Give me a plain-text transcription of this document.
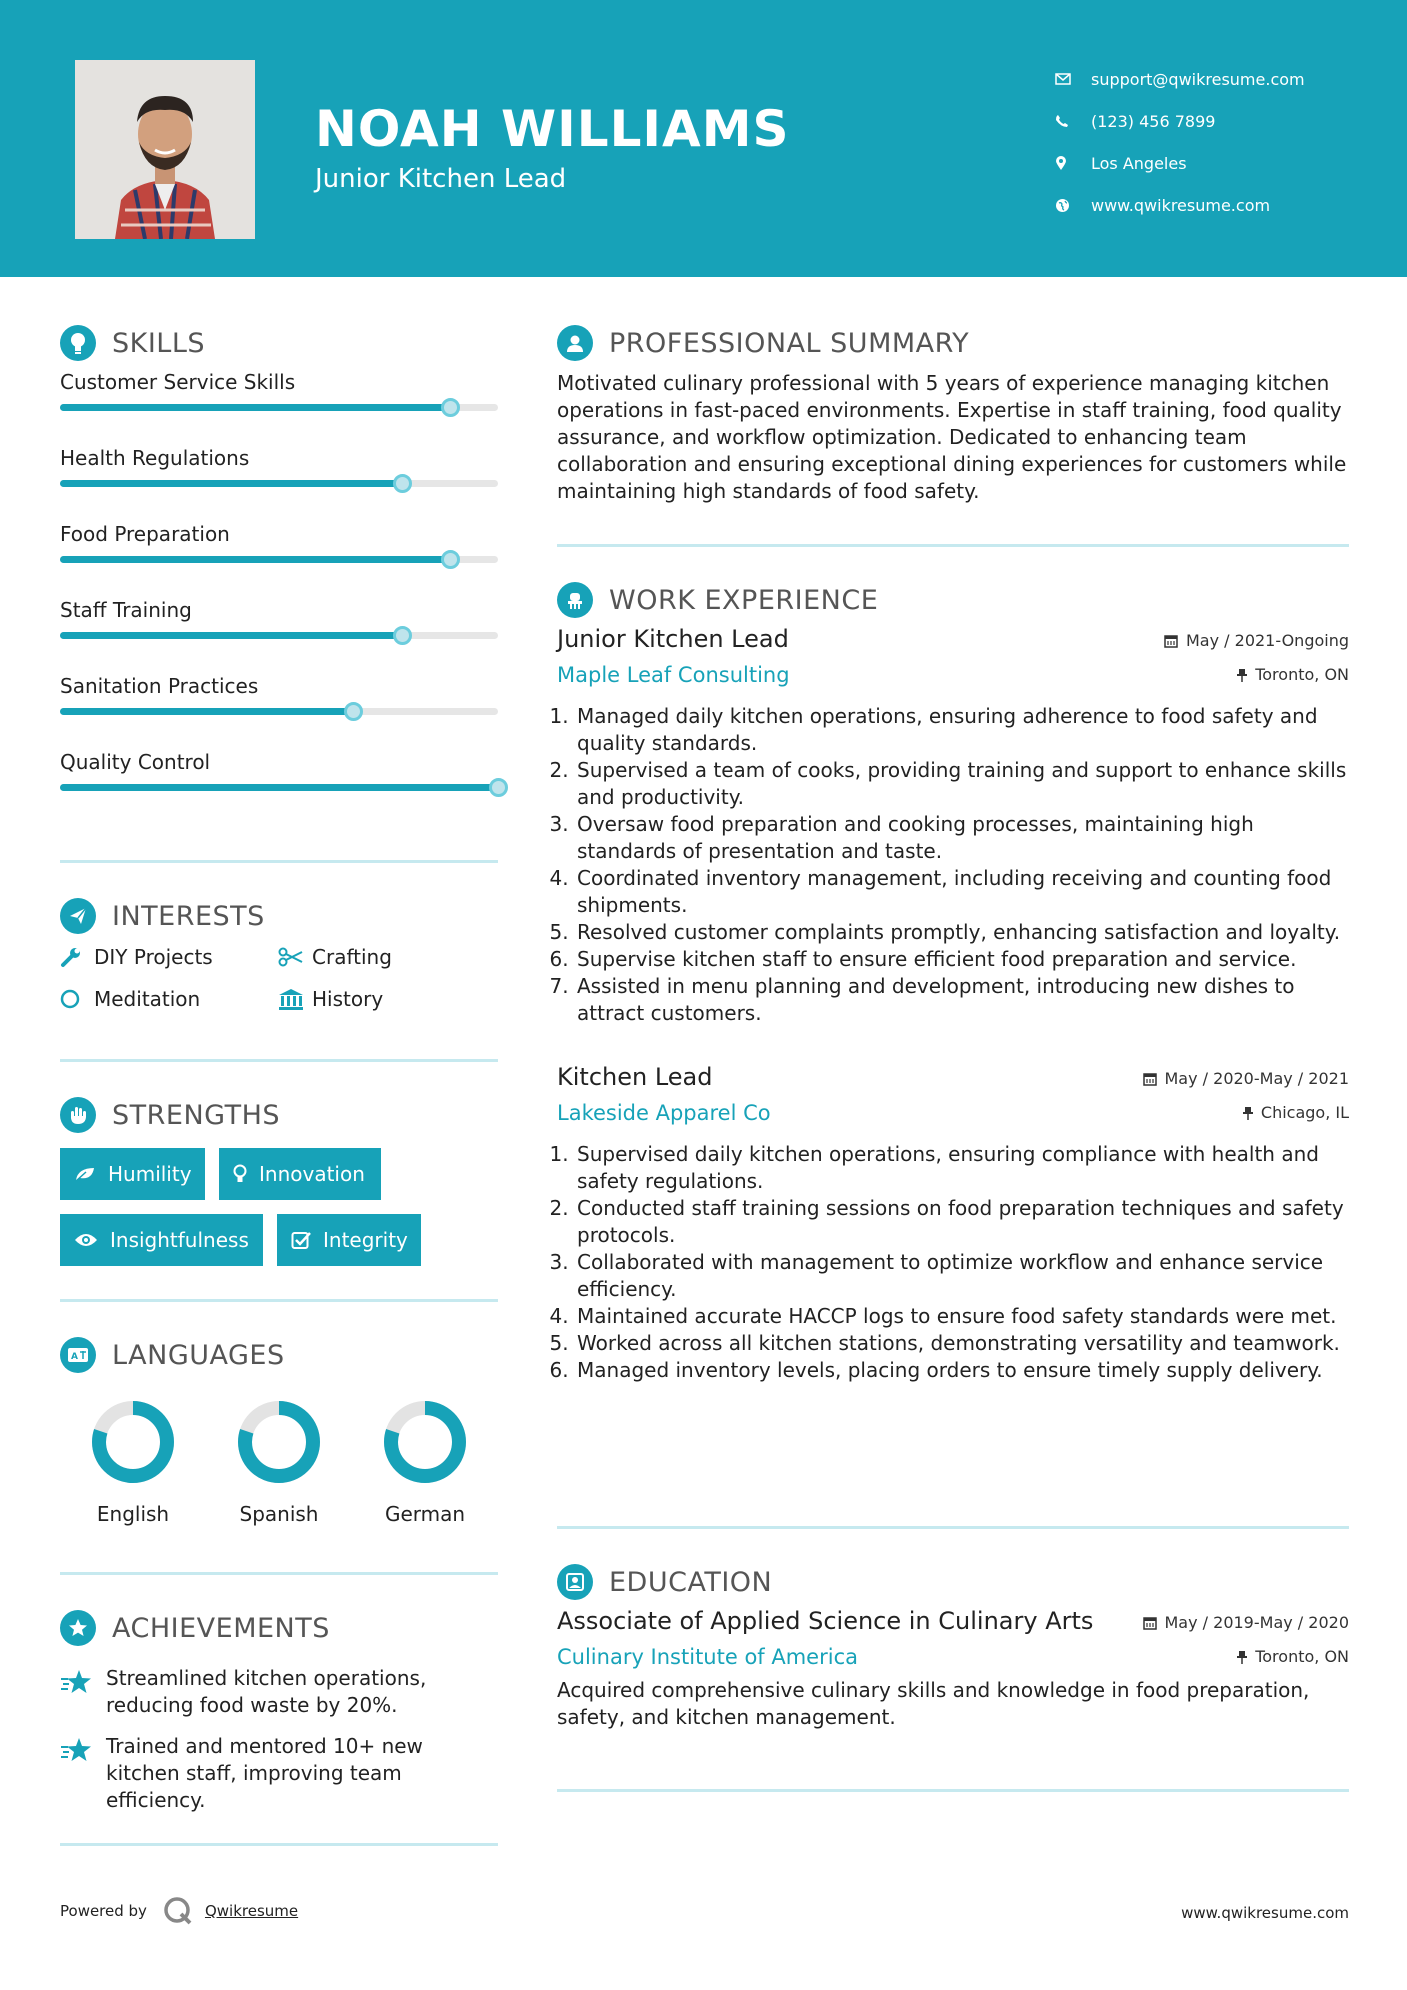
NOAH WILLIAMS
Junior Kitchen Lead
support@qwikresume.com
(123) 456 7899
Los Angeles
www.qwikresume.com
SKILLS
Customer Service Skills
Health Regulations
Food Preparation
Staff Training
Sanitation Practices
Quality Control
INTERESTS
DIY Projects	Crafting
Meditation	History
STRENGTHS
Humility	Innovation
Insightfulness	Integrity
A LANGUAGES
English	Spanish	German
ACHIEVEMENTS
Streamlined kitchen operations, reducing food waste by 20%.
Trained and mentored 10+ new kitchen staff, improving team efficiency.
PROFESSIONAL SUMMARY

Motivated culinary professional with 5 years of experience managing kitchen operations in fast-paced environments. Expertise in staff training, food quality assurance, and workflow optimization. Dedicated to enhancing team collaboration and ensuring exceptional dining experiences for customers while maintaining high standards of food safety.

WORK EXPERIENCE
Junior Kitchen Lead	May / 2021-Ongoing
Maple Leaf Consulting	Toronto, ON
1. Managed daily kitchen operations, ensuring adherence to food safety and quality standards.
2. Supervised a team of cooks, providing training and support to enhance skills and productivity.
3. Oversaw food preparation and cooking processes, maintaining high standards of presentation and taste.
4. Coordinated inventory management, including receiving and counting food shipments.
5. Resolved customer complaints promptly, enhancing satisfaction and loyalty.
6. Supervise kitchen staff to ensure efficient food preparation and service.
7. Assisted in menu planning and development, introducing new dishes to attract customers.
Kitchen Lead	May / 2020-May / 2021
Lakeside Apparel Co	Chicago, IL
1. Supervised daily kitchen operations, ensuring compliance with health and safety regulations.
2. Conducted staff training sessions on food preparation techniques and safety protocols.
3. Collaborated with management to optimize workflow and enhance service efficiency.
4. Maintained accurate HACCP logs to ensure food safety standards were met.
5. Worked across all kitchen stations, demonstrating versatility and teamwork.
6. Managed inventory levels, placing orders to ensure timely supply delivery.
EDUCATION
Associate of Applied Science in Culinary Arts	May / 2019-May / 2020
Culinary Institute of America	Toronto, ON

Acquired comprehensive culinary skills and knowledge in food preparation, safety, and kitchen management.

Powered by	Qwikresume	www.qwikresume.com
